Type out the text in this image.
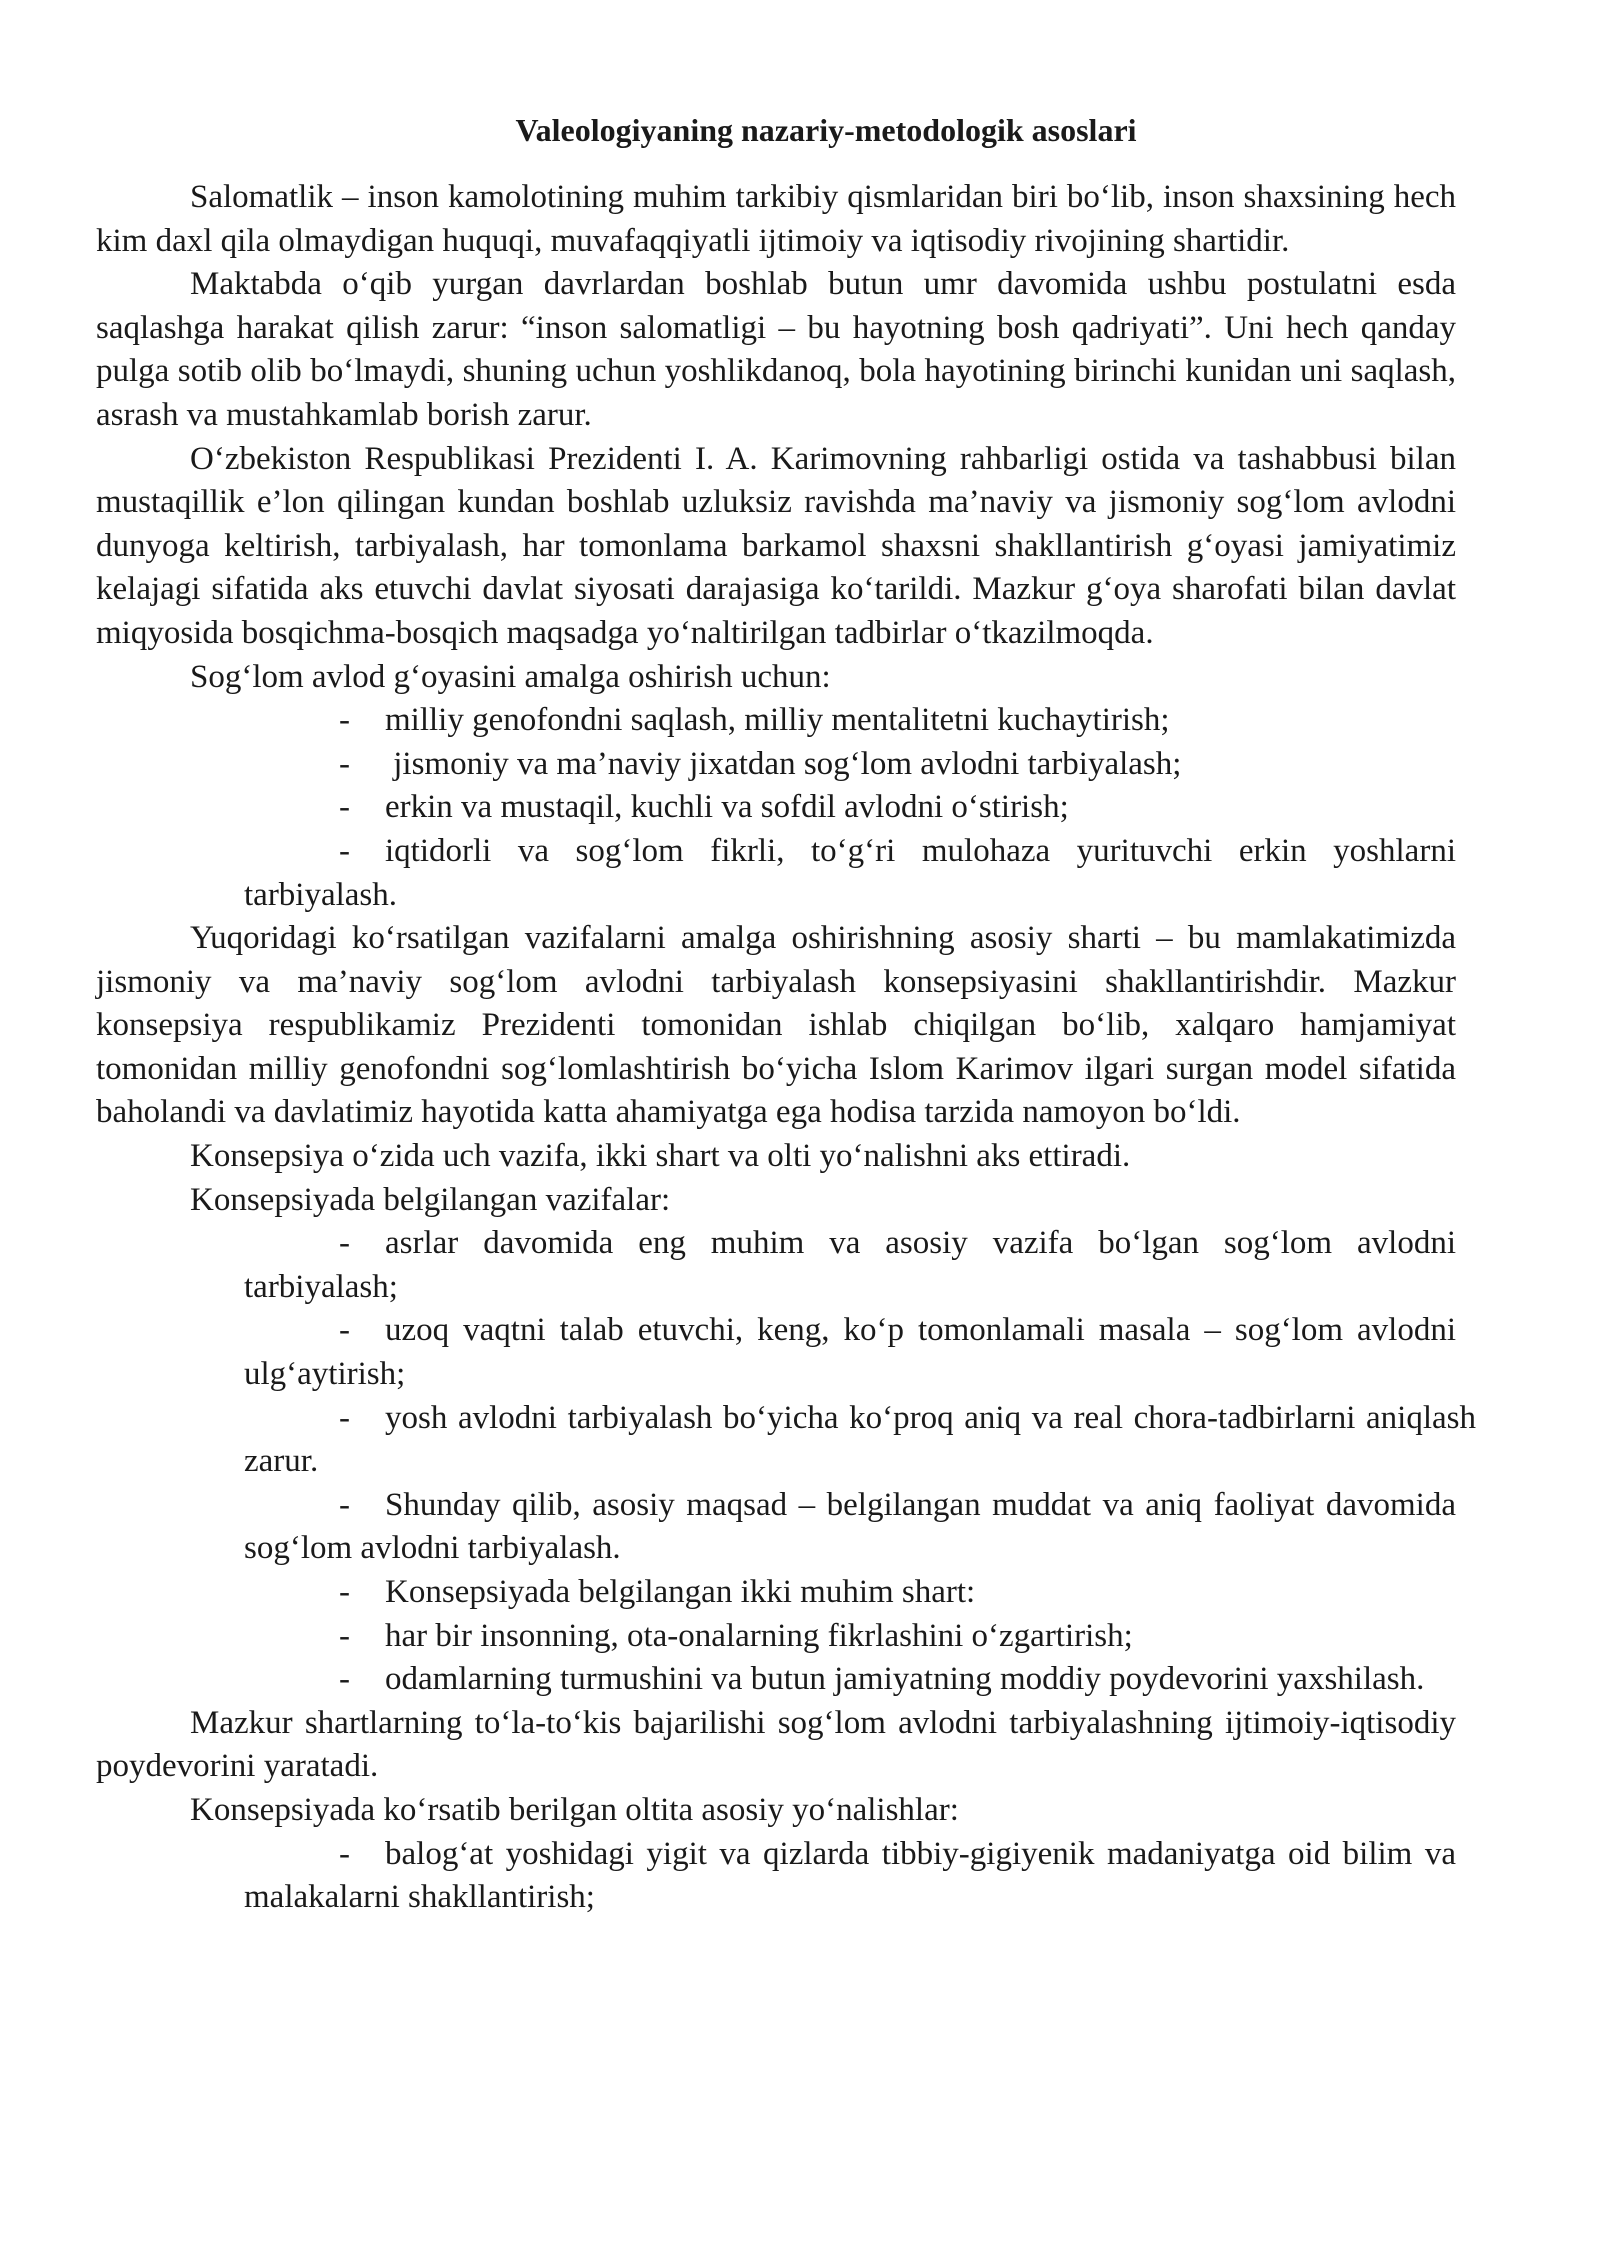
Valeologiyaning nazariy-metodologik asoslari

Salomatlik – inson kamolotining muhim tarkibiy qismlaridan biri bo‘lib, inson shaxsining hech kim daxl qila olmaydigan huquqi, muvafaqqiyatli ijtimoiy va iqtisodiy rivojining shartidir.

Maktabda o‘qib yurgan davrlardan boshlab butun umr davomida ushbu postulatni esda saqlashga harakat qilish zarur: “inson salomatligi – bu hayotning bosh qadriyati”. Uni hech qanday pulga sotib olib bo‘lmaydi, shuning uchun yoshlikdanoq, bola hayotining birinchi kunidan uni saqlash, asrash va mustahkamlab borish zarur.

O‘zbekiston Respublikasi Prezidenti I. A. Karimovning rahbarligi ostida va tashabbusi bilan mustaqillik e’lon qilingan kundan boshlab uzluksiz ravishda ma’naviy va jismoniy sog‘lom avlodni dunyoga keltirish, tarbiyalash, har tomonlama barkamol shaxsni shakllantirish g‘oyasi jamiyatimiz kelajagi sifatida aks etuvchi davlat siyosati darajasiga ko‘tarildi. Mazkur g‘oya sharofati bilan davlat miqyosida bosqichma-bosqich maqsadga yo‘naltirilgan tadbirlar o‘tkazilmoqda.

Sog‘lom avlod g‘oyasini amalga oshirish uchun:

- milliy genofondni saqlash, milliy mentalitetni kuchaytirish;

- jismoniy va ma’naviy jixatdan sog‘lom avlodni tarbiyalash;

- erkin va mustaqil, kuchli va sofdil avlodni o‘stirish;

- iqtidorli va sog‘lom fikrli, to‘g‘ri mulohaza yurituvchi erkin yoshlarni tarbiyalash.

Yuqoridagi ko‘rsatilgan vazifalarni amalga oshirishning asosiy sharti – bu mamlakatimizda jismoniy va ma’naviy sog‘lom avlodni tarbiyalash konsepsiyasini shakllantirishdir. Mazkur konsepsiya respublikamiz Prezidenti tomonidan ishlab chiqilgan bo‘lib, xalqaro hamjamiyat tomonidan milliy genofondni sog‘lomlashtirish bo‘yicha Islom Karimov ilgari surgan model sifatida baholandi va davlatimiz hayotida katta ahamiyatga ega hodisa tarzida namoyon bo‘ldi.

Konsepsiya o‘zida uch vazifa, ikki shart va olti yo‘nalishni aks ettiradi.

Konsepsiyada belgilangan vazifalar:

- asrlar davomida eng muhim va asosiy vazifa bo‘lgan sog‘lom avlodni tarbiyalash;

- uzoq vaqtni talab etuvchi, keng, ko‘p tomonlamali masala – sog‘lom avlodni ulg‘aytirish;

- yosh avlodni tarbiyalash bo‘yicha ko‘proq aniq va real chora-tadbirlarni aniqlash zarur.

- Shunday qilib, asosiy maqsad – belgilangan muddat va aniq faoliyat davomida sog‘lom avlodni tarbiyalash.

- Konsepsiyada belgilangan ikki muhim shart:

- har bir insonning, ota-onalarning fikrlashini o‘zgartirish;

- odamlarning turmushini va butun jamiyatning moddiy poydevorini yaxshilash.

Mazkur shartlarning to‘la-to‘kis bajarilishi sog‘lom avlodni tarbiyalashning ijtimoiy-iqtisodiy poydevorini yaratadi.

Konsepsiyada ko‘rsatib berilgan oltita asosiy yo‘nalishlar:

- balog‘at yoshidagi yigit va qizlarda tibbiy-gigiyenik madaniyatga oid bilim va malakalarni shakllantirish;
